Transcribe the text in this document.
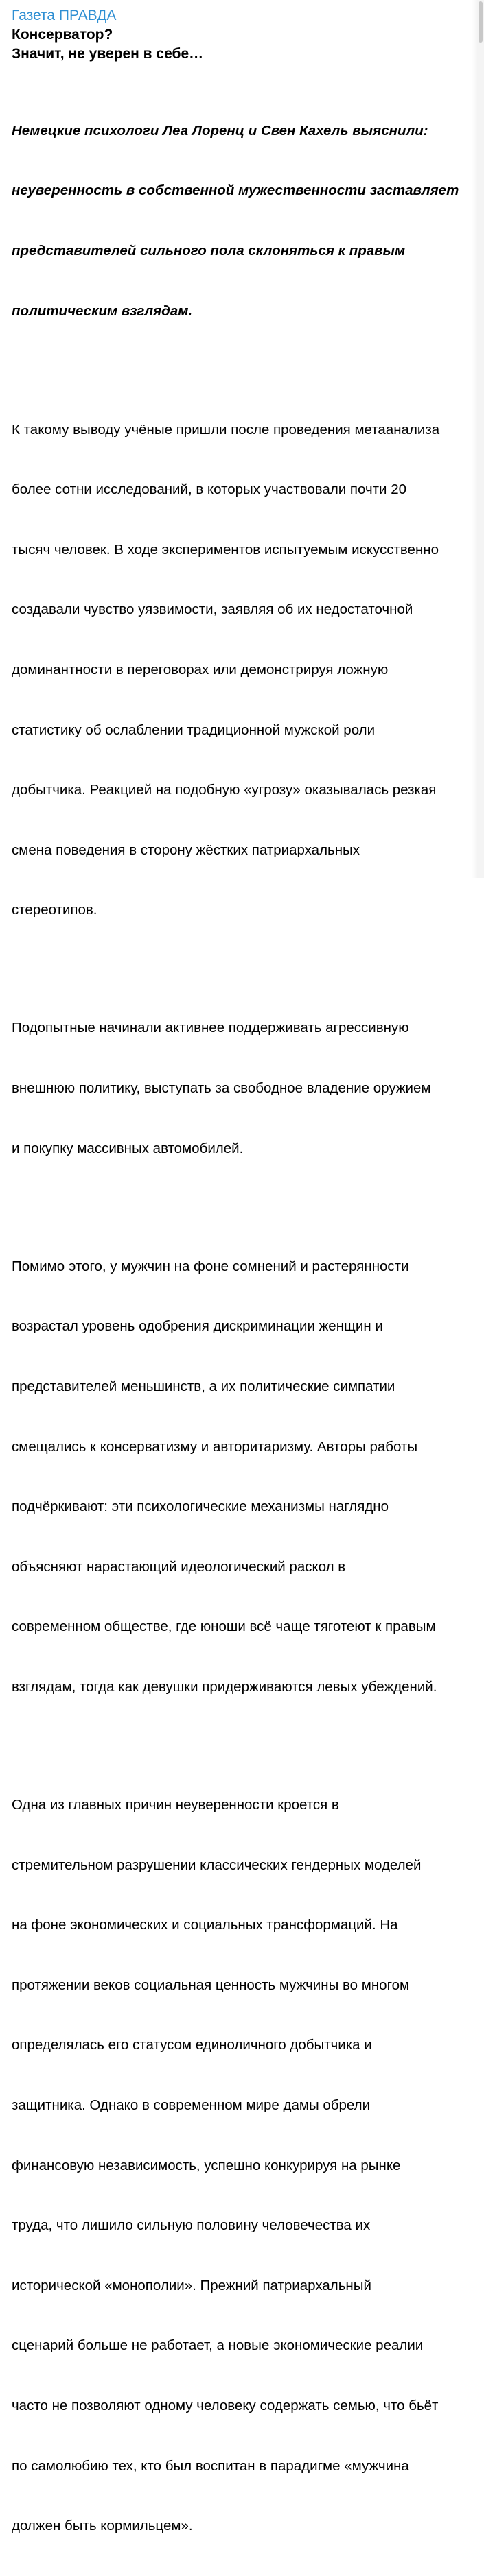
Газета ПРАВДА
Консерватор?
Значит, не уверен в себе…

Немецкие психологи Леа Лоренц и Свен Кахель выяснили:

неуверенность в собственной мужественности заставляет

представителей сильного пола склоняться к правым

политическим взглядам.

К такому выводу учёные пришли после проведения метаанализа

более сотни исследований, в которых участвовали почти 20

тысяч человек. В ходе экспериментов испытуемым искусственно

создавали чувство уязвимости, заявляя об их недостаточной

доминантности в переговорах или демонстрируя ложную

статистику об ослаблении традиционной мужской роли

добытчика. Реакцией на подобную «угрозу» оказывалась резкая

смена поведения в сторону жёстких патриархальных

стереотипов.

Подопытные начинали активнее поддерживать агрессивную

внешнюю политику, выступать за свободное владение оружием

и покупку массивных автомобилей.

Помимо этого, у мужчин на фоне сомнений и растерянности

возрастал уровень одобрения дискриминации женщин и

представителей меньшинств, а их политические симпатии

смещались к консерватизму и авторитаризму. Авторы работы

подчёркивают: эти психологические механизмы наглядно

объясняют нарастающий идеологический раскол в

современном обществе, где юноши всё чаще тяготеют к правым

взглядам, тогда как девушки придерживаются левых убеждений.

Одна из главных причин неуверенности кроется в

стремительном разрушении классических гендерных моделей

на фоне экономических и социальных трансформаций. На

протяжении веков социальная ценность мужчины во многом

определялась его статусом единоличного добытчика и

защитника. Однако в современном мире дамы обрели

финансовую независимость, успешно конкурируя на рынке

труда, что лишило сильную половину человечества их

исторической «монополии». Прежний патриархальный

сценарий больше не работает, а новые экономические реалии

часто не позволяют одному человеку содержать семью, что бьёт

по самолюбию тех, кто был воспитан в парадигме «мужчина

должен быть кормильцем».
